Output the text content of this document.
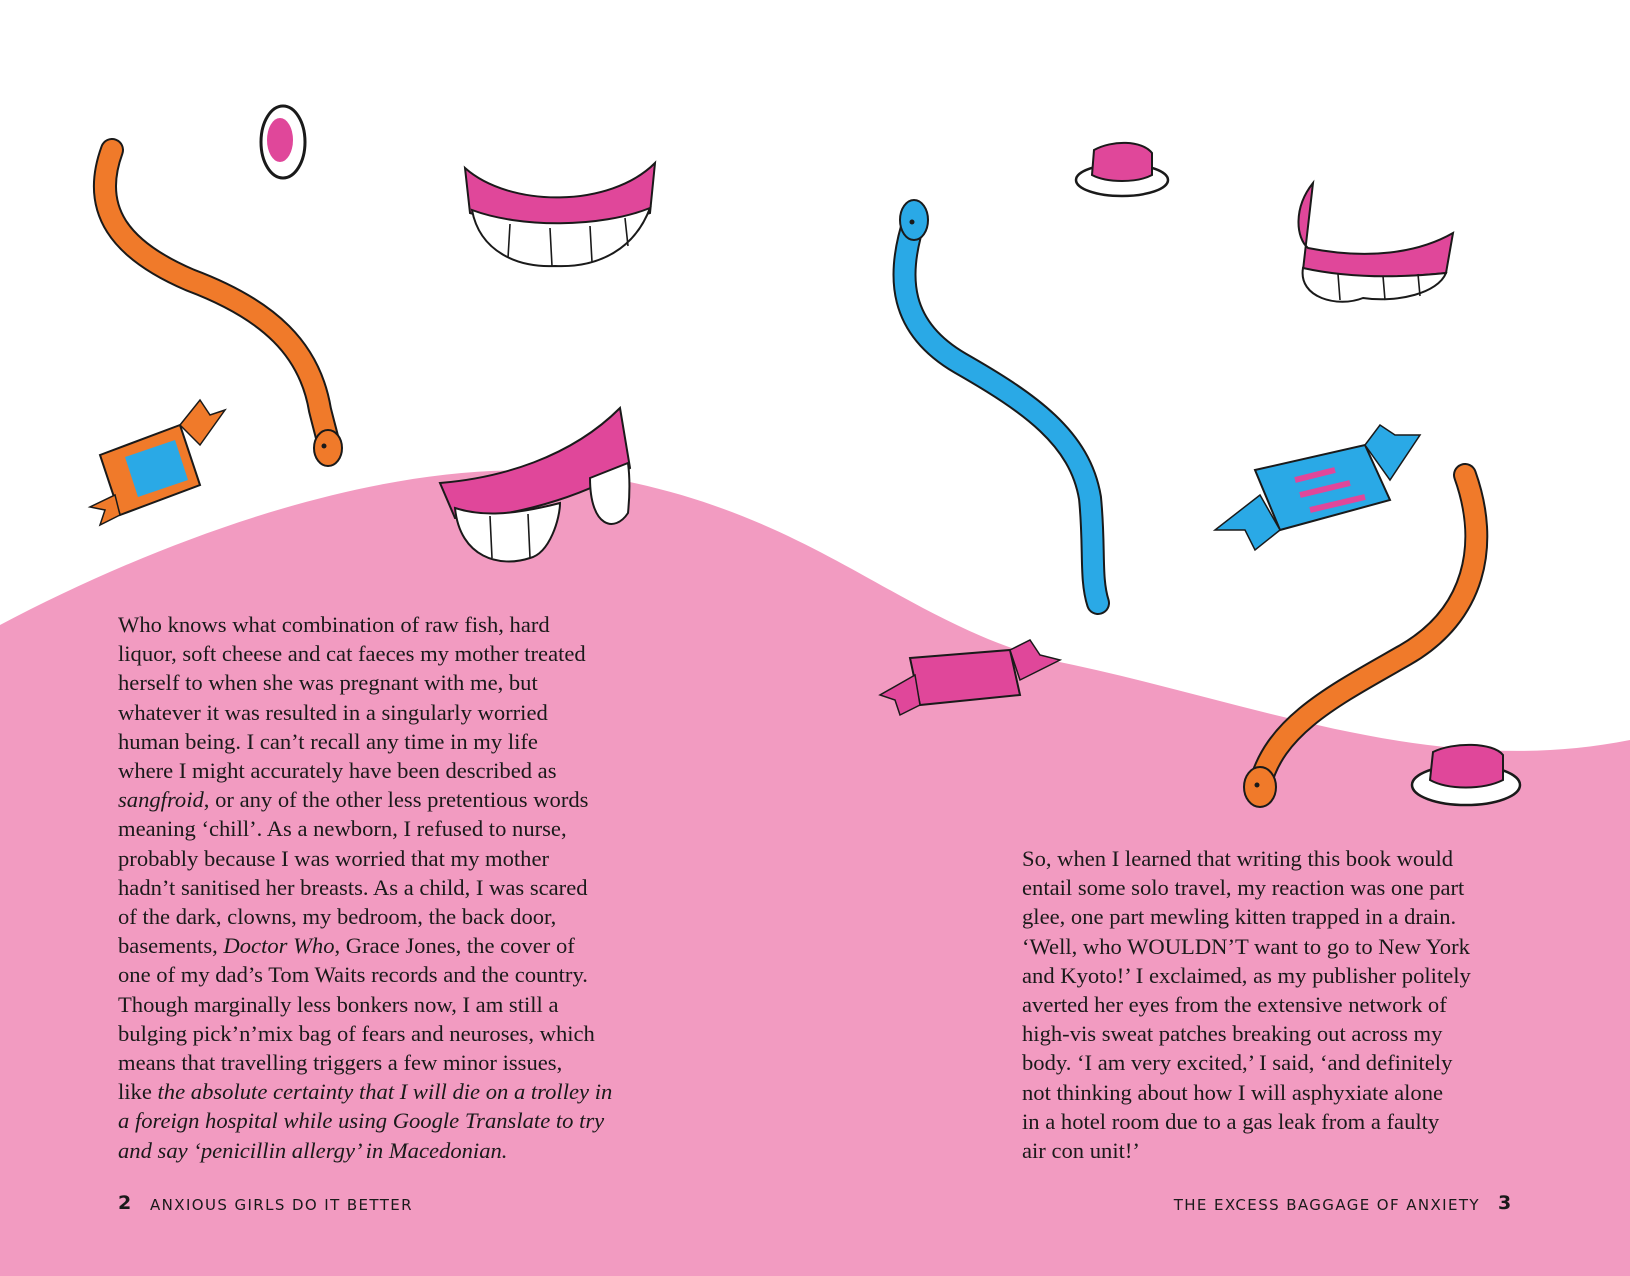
Who knows what combination of raw fish, hard
liquor, soft cheese and cat faeces my mother treated
herself to when she was pregnant with me, but
whatever it was resulted in a singularly worried
human being. I can’t recall any time in my life
where I might accurately have been described as
sangfroid, or any of the other less pretentious words
meaning ‘chill’. As a newborn, I refused to nurse,
probably because I was worried that my mother
hadn’t sanitised her breasts. As a child, I was scared
of the dark, clowns, my bedroom, the back door,
basements, Doctor Who, Grace Jones, the cover of
one of my dad’s Tom Waits records and the country.
Though marginally less bonkers now, I am still a
bulging pick’n’mix bag of fears and neuroses, which
means that travelling triggers a few minor issues,
like the absolute certainty that I will die on a trolley in
a foreign hospital while using Google Translate to try
and say ‘penicillin allergy’ in Macedonian.
So, when I learned that writing this book would
entail some solo travel, my reaction was one part
glee, one part mewling kitten trapped in a drain.
‘Well, who WOULDN’T want to go to New York
and Kyoto!’ I exclaimed, as my publisher politely
averted her eyes from the extensive network of
high-vis sweat patches breaking out across my
body. ‘I am very excited,’ I said, ‘and definitely
not thinking about how I will asphyxiate alone
in a hotel room due to a gas leak from a faulty
air con unit!’
2 ANXIOUS GIRLS DO IT BETTER	THE EXCESS BAGGAGE OF ANXIETY 3
